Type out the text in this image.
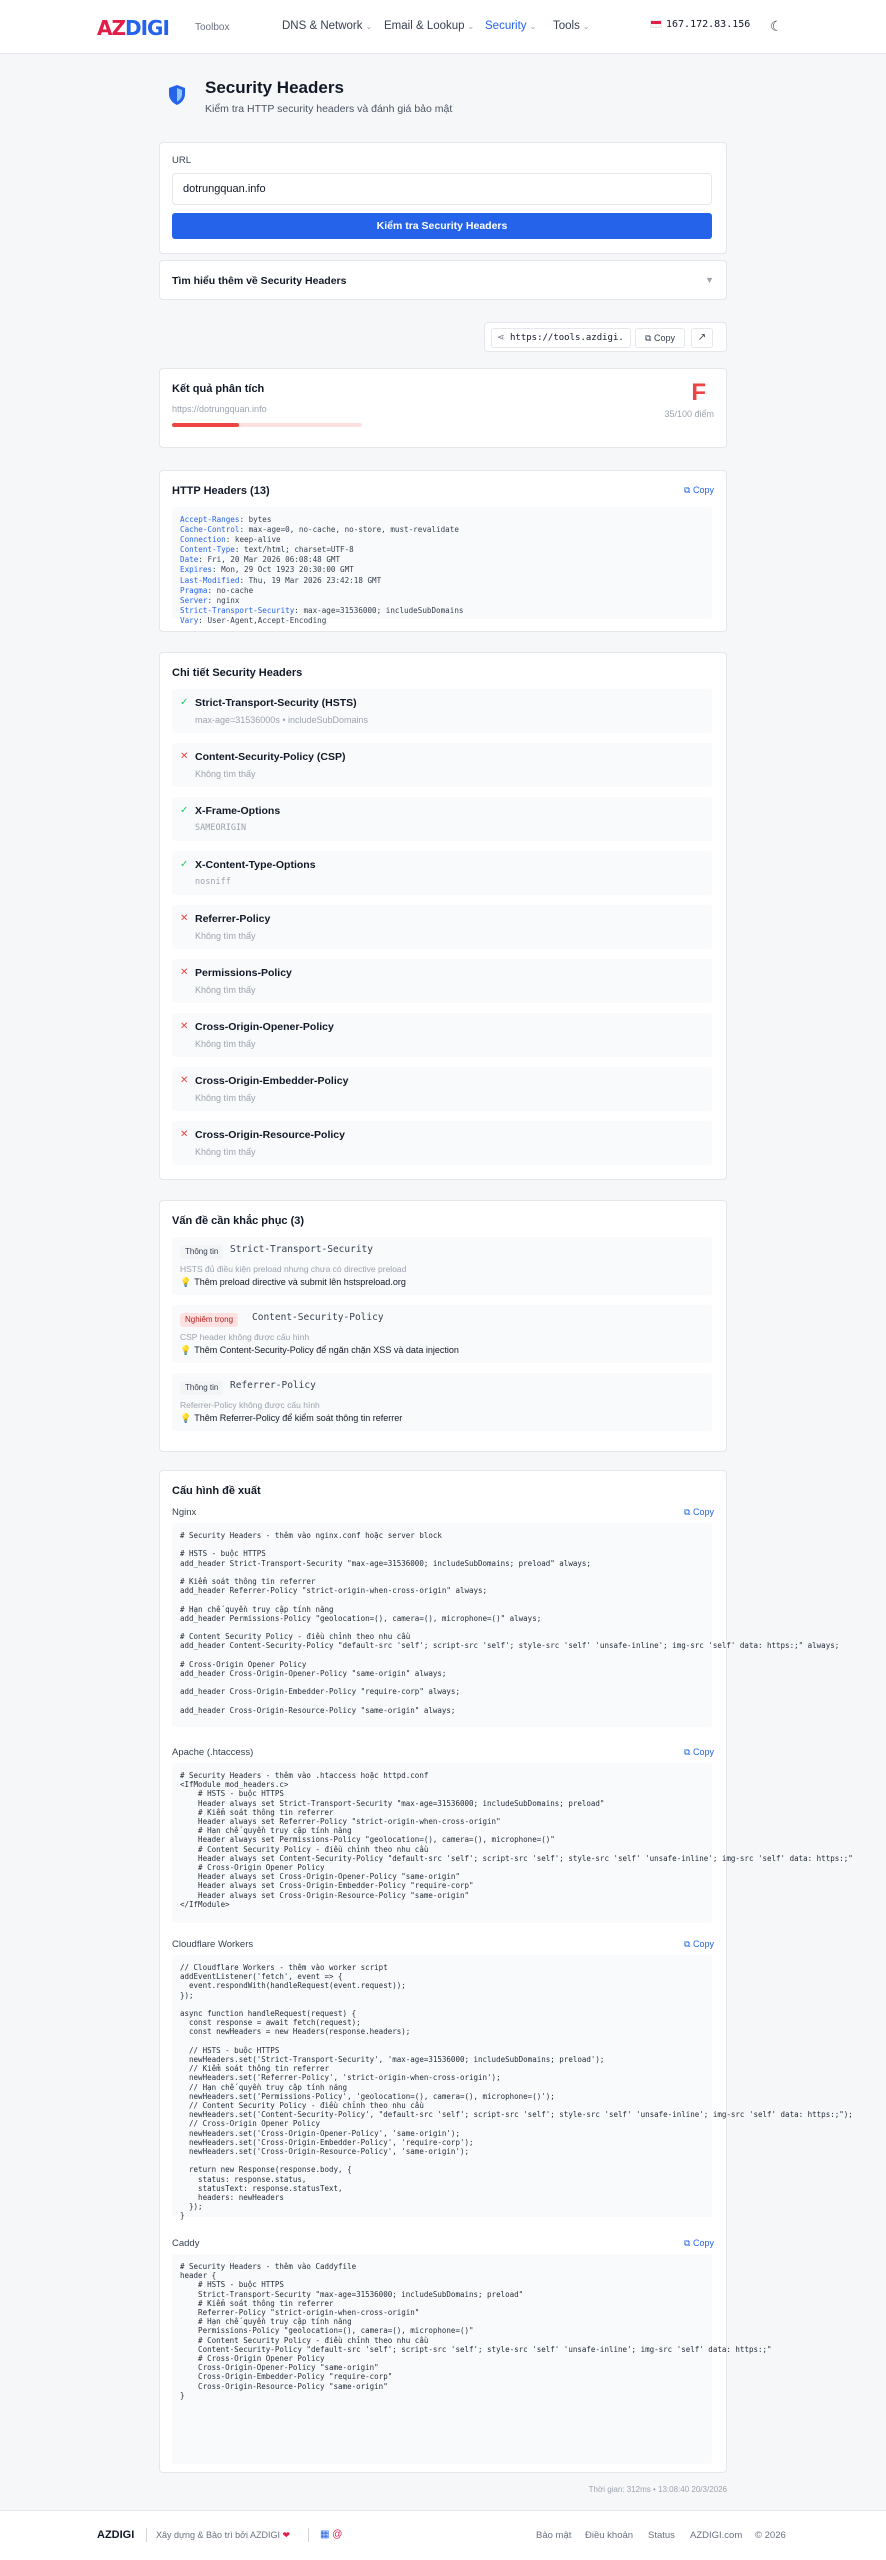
AZDIGI	Toolbox	DNS & Network ⌄ Email & Lookup ⌄ Security ⌄ Tools ⌄	167.172.83.156 ☾
Security Headers
Kiểm tra HTTP security headers và đánh giá bảo mật
URL
dotrungquan.info
Kiểm tra Security Headers
Tìm hiểu thêm về Security Headers	▼
⋖ https://tools.azdigi.	⧉ Copy	↗
Kết quả phân tích
https://dotrungquan.info
F
35/100 điểm
HTTP Headers (13)	⧉ Copy
Accept-Ranges: bytes
Cache-Control: max-age=0, no-cache, no-store, must-revalidate
Connection: keep-alive
Content-Type: text/html; charset=UTF-8
Date: Fri, 20 Mar 2026 06:08:48 GMT
Expires: Mon, 29 Oct 1923 20:30:00 GMT
Last-Modified: Thu, 19 Mar 2026 23:42:18 GMT
Pragma: no-cache
Server: nginx
Strict-Transport-Security: max-age=31536000; includeSubDomains
Vary: User-Agent,Accept-Encoding
Chi tiết Security Headers
✓ Strict-Transport-Security (HSTS)
max-age=31536000s • includeSubDomains
✕ Content-Security-Policy (CSP)
Không tìm thấy
✓ X-Frame-Options
SAMEORIGIN
✓ X-Content-Type-Options
nosniff
✕ Referrer-Policy
Không tìm thấy
✕ Permissions-Policy
Không tìm thấy
✕ Cross-Origin-Opener-Policy
Không tìm thấy
✕ Cross-Origin-Embedder-Policy
Không tìm thấy
✕ Cross-Origin-Resource-Policy
Không tìm thấy
Vấn đề cần khắc phục (3)
Thông tin	Strict-Transport-Security
HSTS đủ điều kiện preload nhưng chưa có directive preload
💡 Thêm preload directive và submit lên hstspreload.org
Nghiêm trọng	Content-Security-Policy
CSP header không được cấu hình
💡 Thêm Content-Security-Policy để ngăn chặn XSS và data injection
Thông tin	Referrer-Policy
Referrer-Policy không được cấu hình
💡 Thêm Referrer-Policy để kiểm soát thông tin referrer
Cấu hình đề xuất
Nginx	⧉ Copy
# Security Headers - thêm vào nginx.conf hoặc server block

# HSTS - buộc HTTPS
add_header Strict-Transport-Security "max-age=31536000; includeSubDomains; preload" always;

# Kiểm soát thông tin referrer
add_header Referrer-Policy "strict-origin-when-cross-origin" always;

# Hạn chế quyền truy cập tính năng
add_header Permissions-Policy "geolocation=(), camera=(), microphone=()" always;

# Content Security Policy - điều chỉnh theo nhu cầu
add_header Content-Security-Policy "default-src 'self'; script-src 'self'; style-src 'self' 'unsafe-inline'; img-src 'self' data: https:;" always;

# Cross-Origin Opener Policy
add_header Cross-Origin-Opener-Policy "same-origin" always;

add_header Cross-Origin-Embedder-Policy "require-corp" always;

add_header Cross-Origin-Resource-Policy "same-origin" always;
Apache (.htaccess)	⧉ Copy
# Security Headers - thêm vào .htaccess hoặc httpd.conf
<IfModule mod_headers.c>
# HSTS - buộc HTTPS
Header always set Strict-Transport-Security "max-age=31536000; includeSubDomains; preload"
# Kiểm soát thông tin referrer
Header always set Referrer-Policy "strict-origin-when-cross-origin"
# Hạn chế quyền truy cập tính năng
Header always set Permissions-Policy "geolocation=(), camera=(), microphone=()"
# Content Security Policy - điều chỉnh theo nhu cầu
Header always set Content-Security-Policy "default-src 'self'; script-src 'self'; style-src 'self' 'unsafe-inline'; img-src 'self' data: https:;"
# Cross-Origin Opener Policy
Header always set Cross-Origin-Opener-Policy "same-origin"
Header always set Cross-Origin-Embedder-Policy "require-corp"
Header always set Cross-Origin-Resource-Policy "same-origin"
</IfModule>
Cloudflare Workers	⧉ Copy
// Cloudflare Workers - thêm vào worker script
addEventListener('fetch', event => {
event.respondWith(handleRequest(event.request));
});

async function handleRequest(request) {
const response = await fetch(request);
const newHeaders = new Headers(response.headers);

// HSTS - buộc HTTPS
newHeaders.set('Strict-Transport-Security', 'max-age=31536000; includeSubDomains; preload');
// Kiểm soát thông tin referrer
newHeaders.set('Referrer-Policy', 'strict-origin-when-cross-origin');
// Hạn chế quyền truy cập tính năng
newHeaders.set('Permissions-Policy', 'geolocation=(), camera=(), microphone=()');
// Content Security Policy - điều chỉnh theo nhu cầu
newHeaders.set('Content-Security-Policy', "default-src 'self'; script-src 'self'; style-src 'self' 'unsafe-inline'; img-src 'self' data: https:;");
// Cross-Origin Opener Policy
newHeaders.set('Cross-Origin-Opener-Policy', 'same-origin');
newHeaders.set('Cross-Origin-Embedder-Policy', 'require-corp');
newHeaders.set('Cross-Origin-Resource-Policy', 'same-origin');

return new Response(response.body, {
status: response.status,
statusText: response.statusText,
headers: newHeaders
});
}
Caddy	⧉ Copy
# Security Headers - thêm vào Caddyfile
header {
# HSTS - buộc HTTPS
Strict-Transport-Security "max-age=31536000; includeSubDomains; preload"
# Kiểm soát thông tin referrer
Referrer-Policy "strict-origin-when-cross-origin"
# Hạn chế quyền truy cập tính năng
Permissions-Policy "geolocation=(), camera=(), microphone=()"
# Content Security Policy - điều chỉnh theo nhu cầu
Content-Security-Policy "default-src 'self'; script-src 'self'; style-src 'self' 'unsafe-inline'; img-src 'self' data: https:;"
# Cross-Origin Opener Policy
Cross-Origin-Opener-Policy "same-origin"
Cross-Origin-Embedder-Policy "require-corp"
Cross-Origin-Resource-Policy "same-origin"
}
Thời gian: 312ms • 13:08:40 20/3/2026
AZDIGI Xây dựng & Bảo trì bởi AZDIGI ❤	▦ @	Bảo mật Điều khoản Status AZDIGI.com © 2026
